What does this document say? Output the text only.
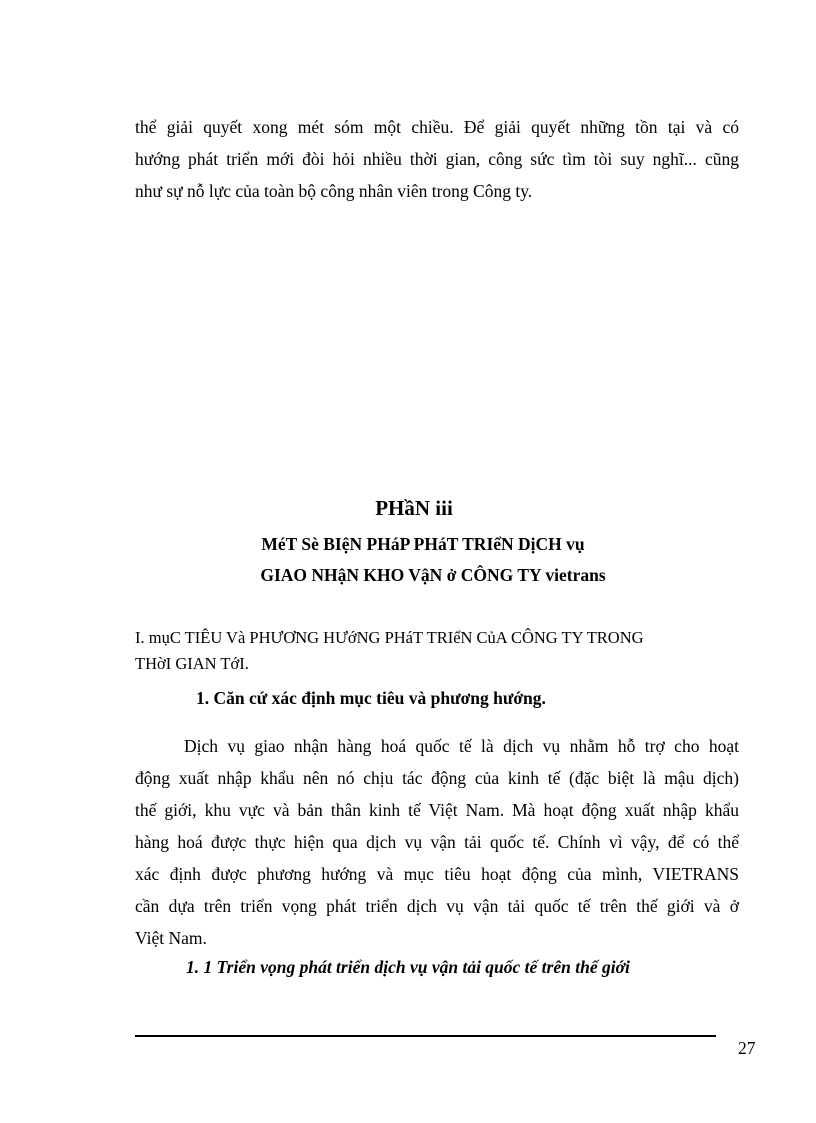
thể giải quyết xong mét sóm một chiều. Để giải quyết những tồn tại và có
hướng phát triển mới đòi hỏi nhiều thời gian, công sức tìm tòi suy nghĩ... cũng
như sự nỗ lực của toàn bộ công nhân viên trong Công ty.
PHầN iii
MéT Sè BIệN PHáP PHáT TRIểN DịCH vụ
GIAO NHậN KHO VậN ở CÔNG TY vietrans
I. mụC TIÊU Và PHƯƠNG HƯớNG PHáT TRIểN CủA CÔNG TY TRONG
THờI GIAN TớI.
1. Căn cứ xác định mục tiêu và phương hướng.
Dịch vụ giao nhận hàng hoá quốc tế là dịch vụ nhằm hỗ trợ cho hoạt
động xuất nhập khẩu nên nó chịu tác động của kinh tế (đặc biệt là mậu dịch)
thế giới, khu vực và bản thân kinh tế Việt Nam. Mà hoạt động xuất nhập khẩu
hàng hoá được thực hiện qua dịch vụ vận tải quốc tế. Chính vì vậy, để có thể
xác định được phương hướng và mục tiêu hoạt động của mình, VIETRANS
cần dựa trên triển vọng phát triển dịch vụ vận tải quốc tế trên thế giới và ở
Việt Nam.
1. 1 Triển vọng phát triển dịch vụ vận tải quốc tế trên thế giới
27
